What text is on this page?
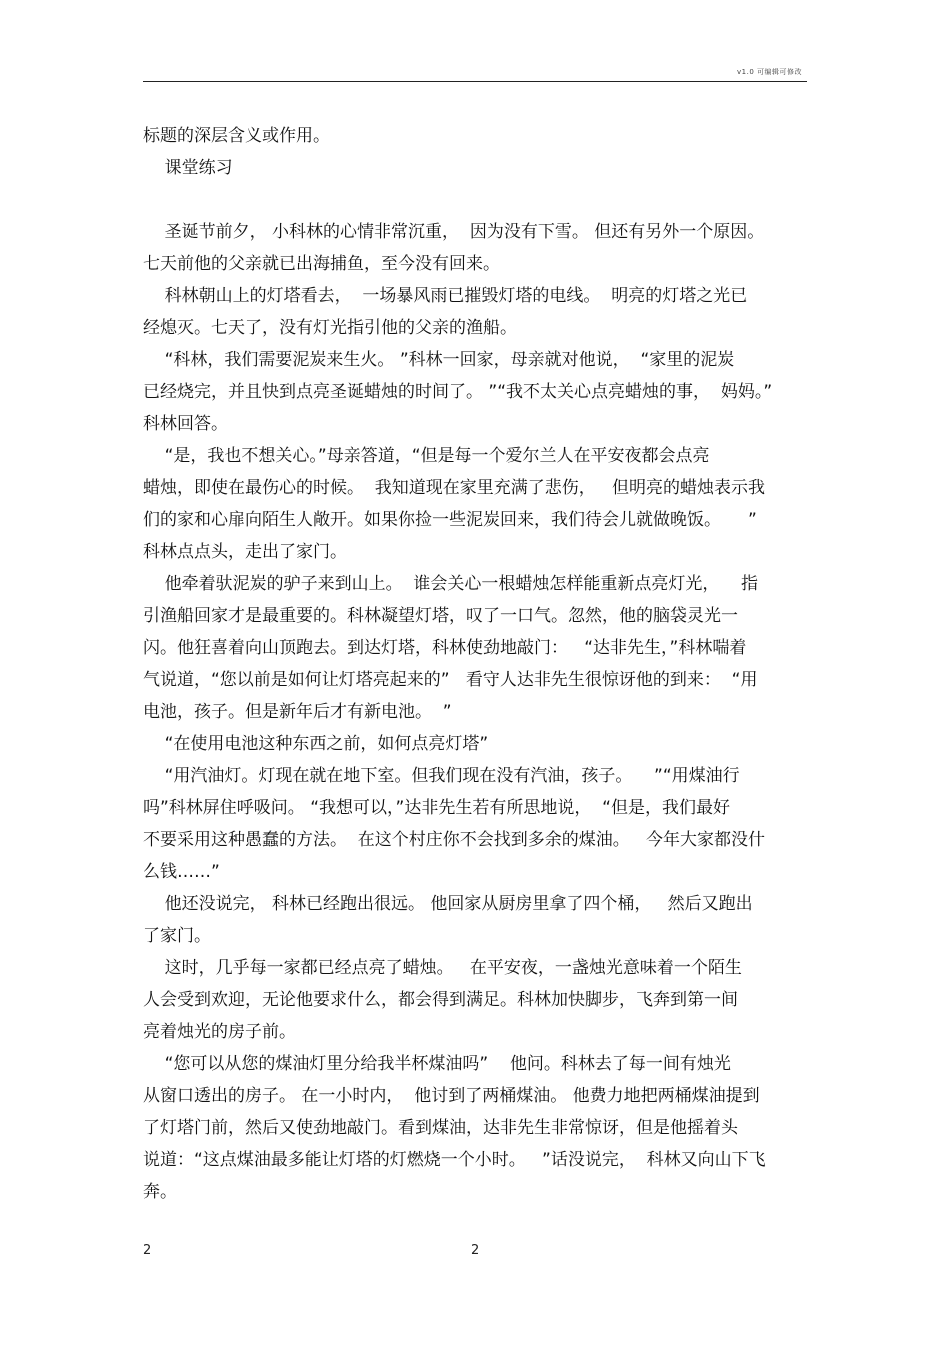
v1.0 可编辑可修改
标题的深层含义或作用。
课堂练习

圣诞节前夕， 小科林的心情非常沉重，  因为没有下雪。 但还有另外一个原因。
七天前他的父亲就已出海捕鱼，至今没有回来。
科林朝山上的灯塔看去，  一场暴风雨已摧毁灯塔的电线。  明亮的灯塔之光已
经熄灭。七天了，没有灯光指引他的父亲的渔船。
“科林，我们需要泥炭来生火。 ”科林一回家，母亲就对他说，  “家里的泥炭
已经烧完，并且快到点亮圣诞蜡烛的时间了。 ”“我不太关心点亮蜡烛的事，  妈妈。”
科林回答。
“是，我也不想关心。”母亲答道，“但是每一个爱尔兰人在平安夜都会点亮
蜡烛，即使在最伤心的时候。  我知道现在家里充满了悲伤，   但明亮的蜡烛表示我
们的家和心扉向陌生人敞开。如果你捡一些泥炭回来，我们待会儿就做晚饭。     ”
科林点点头，走出了家门。
他牵着驮泥炭的驴子来到山上。  谁会关心一根蜡烛怎样能重新点亮灯光，    指
引渔船回家才是最重要的。科林凝望灯塔，叹了一口气。忽然，他的脑袋灵光一
闪。他狂喜着向山顶跑去。到达灯塔，科林使劲地敲门：   “达非先生，”科林喘着
气说道，“您以前是如何让灯塔亮起来的”   看守人达非先生很惊讶他的到来：  “用
电池，孩子。但是新年后才有新电池。  ”
“在使用电池这种东西之前，如何点亮灯塔”
“用汽油灯。灯现在就在地下室。但我们现在没有汽油，孩子。    ”“用煤油行
吗”科林屏住呼吸问。 “我想可以，”达非先生若有所思地说，  “但是，我们最好
不要采用这种愚蠢的方法。  在这个村庄你不会找到多余的煤油。   今年大家都没什
么钱……”
他还没说完， 科林已经跑出很远。 他回家从厨房里拿了四个桶，   然后又跑出
了家门。
这时，几乎每一家都已经点亮了蜡烛。   在平安夜，一盏烛光意味着一个陌生
人会受到欢迎，无论他要求什么，都会得到满足。科林加快脚步，飞奔到第一间
亮着烛光的房子前。
“您可以从您的煤油灯里分给我半杯煤油吗”    他问。科林去了每一间有烛光
从窗口透出的房子。 在一小时内，  他讨到了两桶煤油。 他费力地把两桶煤油提到
了灯塔门前，然后又使劲地敲门。看到煤油，达非先生非常惊讶，但是他摇着头
说道：“这点煤油最多能让灯塔的灯燃烧一个小时。   ”话没说完，  科林又向山下飞
奔。
2	2
